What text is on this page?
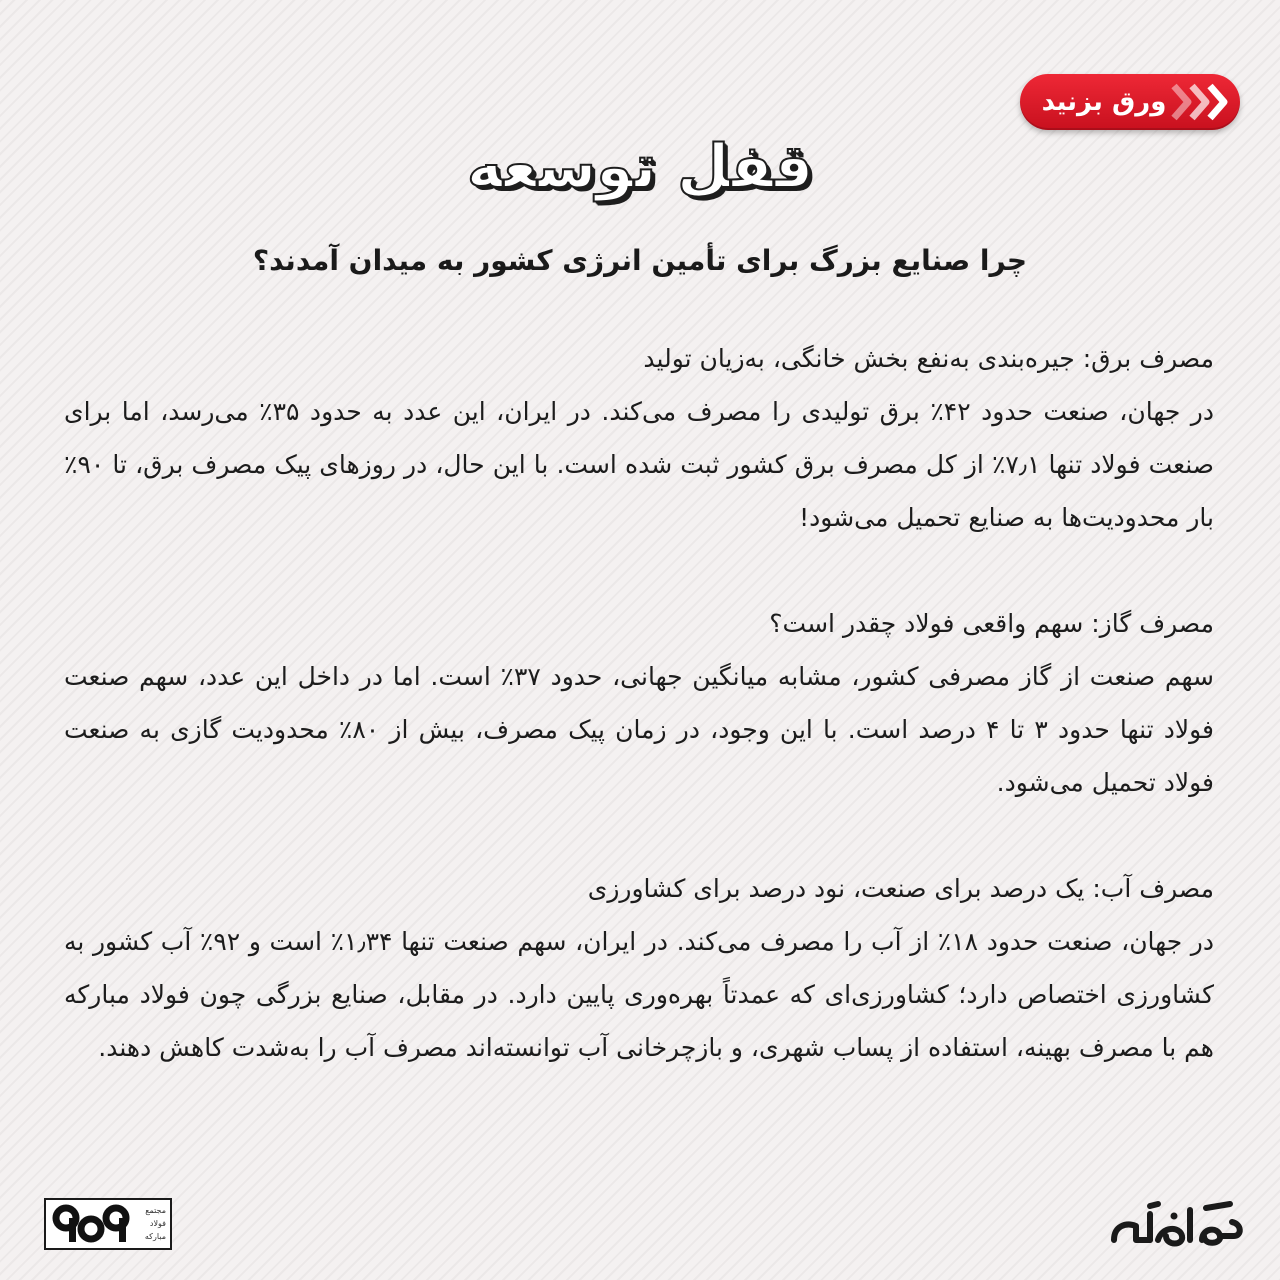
ورق بزنید
قفل توسعه
چرا صنایع بزرگ برای تأمین انرژی کشور به میدان آمدند؟
مصرف برق: جیره‌بندی به‌نفع بخش خانگی، به‌زیان تولید
در جهان، صنعت حدود ۴۲٪ برق تولیدی را مصرف می‌کند. در ایران، این عدد به حدود ۳۵٪ می‌رسد، اما برای صنعت فولاد تنها ۷٫۱٪ از کل مصرف برق کشور ثبت شده است. با این حال، در روزهای پیک مصرف برق، تا ۹۰٪ بار محدودیت‌ها به صنایع تحمیل می‌شود!
مصرف گاز: سهم واقعی فولاد چقدر است؟
سهم صنعت از گاز مصرفی کشور، مشابه میانگین جهانی، حدود ۳۷٪ است. اما در داخل این عدد، سهم صنعت فولاد تنها حدود ۳ تا ۴ درصد است. با این وجود، در زمان پیک مصرف، بیش از ۸۰٪ محدودیت گازی به صنعت فولاد تحمیل می‌شود.
مصرف آب: یک درصد برای صنعت، نود درصد برای کشاورزی
در جهان، صنعت حدود ۱۸٪ از آب را مصرف می‌کند. در ایران، سهم صنعت تنها ۱٫۳۴٪ است و ۹۲٪ آب کشور به کشاورزی اختصاص دارد؛ کشاورزی‌ای که عمدتاً بهره‌وری پایین دارد. در مقابل، صنایع بزرگی چون فولاد مبارکه هم با مصرف بهینه، استفاده از پساب شهری، و بازچرخانی آب توانسته‌اند مصرف آب را به‌شدت کاهش دهند.
مجتمع
فولاد
مبارکه
